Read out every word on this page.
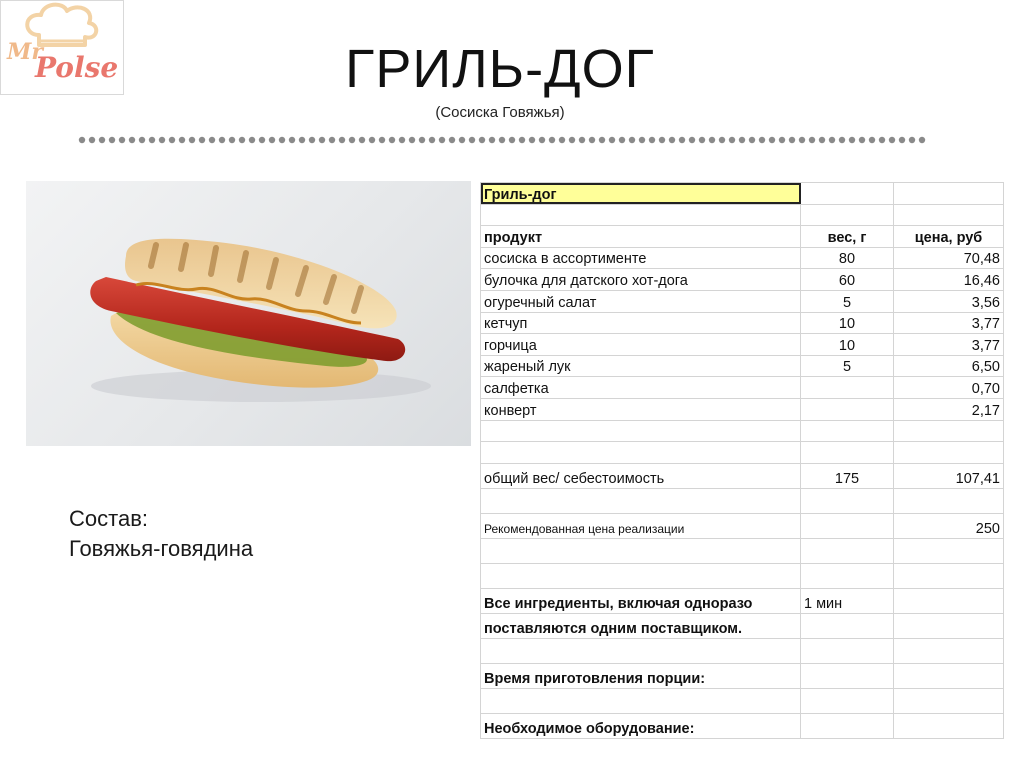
Mr
Polse	ГРИЛЬ-ДОГ
(Сосиска Говяжья)
Состав:
Говяжья-говядина
Гриль-дог		

продукт	вес, г	цена, руб
сосиска в ассортименте	80	70,48
булочка для датского хот-дога	60	16,46
огуречный салат	5	3,56
кетчуп	10	3,77
горчица	10	3,77
жареный лук	5	6,50
салфетка		0,70
конверт		2,17

общий вес/ себестоимость	175	107,41

Рекомендованная цена реализации		250

Все ингредиенты, включая одноразо	1 мин	
поставляются одним поставщиком.		

Время приготовления порции:		

Необходимое оборудование:		
